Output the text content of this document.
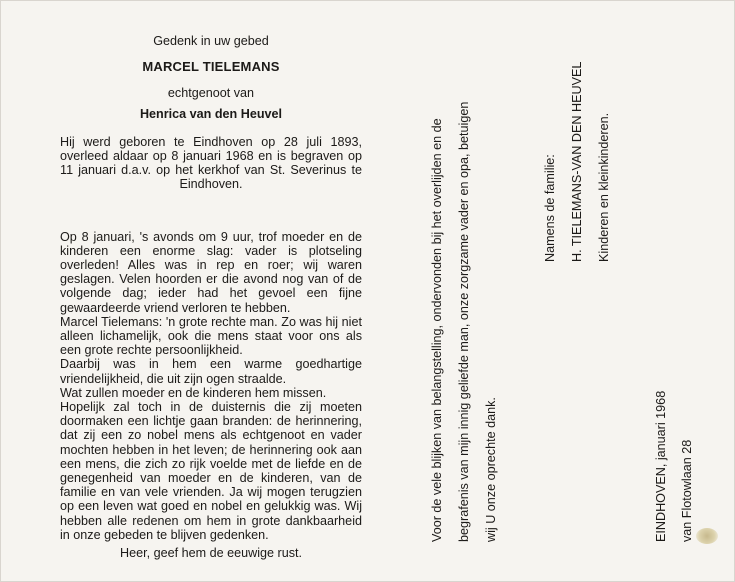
Gedenk in uw gebed

MARCEL TIELEMANS

echtgenoot van

Henrica van den Heuvel

Hij werd geboren te Eindhoven op 28 juli 1893, overleed aldaar op 8 januari 1968 en is begraven op 11 januari d.a.v. op het kerkhof van St. Severinus te Eindhoven.

Op 8 januari, 's avonds om 9 uur, trof moeder en de kinderen een enorme slag: vader is plotseling overleden! Alles was in rep en roer; wij waren geslagen. Velen hoorden er die avond nog van of de volgende dag; ieder had het gevoel een fijne gewaardeerde vriend verloren te hebben.

Marcel Tielemans: 'n grote rechte man. Zo was hij niet alleen lichamelijk, ook die mens staat voor ons als een grote rechte persoonlijkheid.

Daarbij was in hem een warme goedhartige vriendelijkheid, die uit zijn ogen straalde.

Wat zullen moeder en de kinderen hem missen.

Hopelijk zal toch in de duisternis die zij moeten doormaken een lichtje gaan branden: de herinnering, dat zij een zo nobel mens als echtgenoot en vader mochten hebben in het leven; de herinnering ook aan een mens, die zich zo rijk voelde met de liefde en de genegenheid van moeder en de kinderen, van de familie en van vele vrienden. Ja wij mogen terugzien op een leven wat goed en nobel en gelukkig was. Wij hebben alle redenen om hem in grote dankbaarheid in onze gebeden te blijven gedenken.

Heer, geef hem de eeuwige rust.

Voor de vele blijken van belangstelling, ondervonden bij het overlijden en de	begrafenis van mijn innig geliefde man, onze zorgzame vader en opa, betuigen	wij U onze oprechte dank.
Namens de familie:	H. TIELEMANS-VAN DEN HEUVEL	Kinderen en kleinkinderen.
EINDHOVEN, januari 1968 van Flotowlaan 28
